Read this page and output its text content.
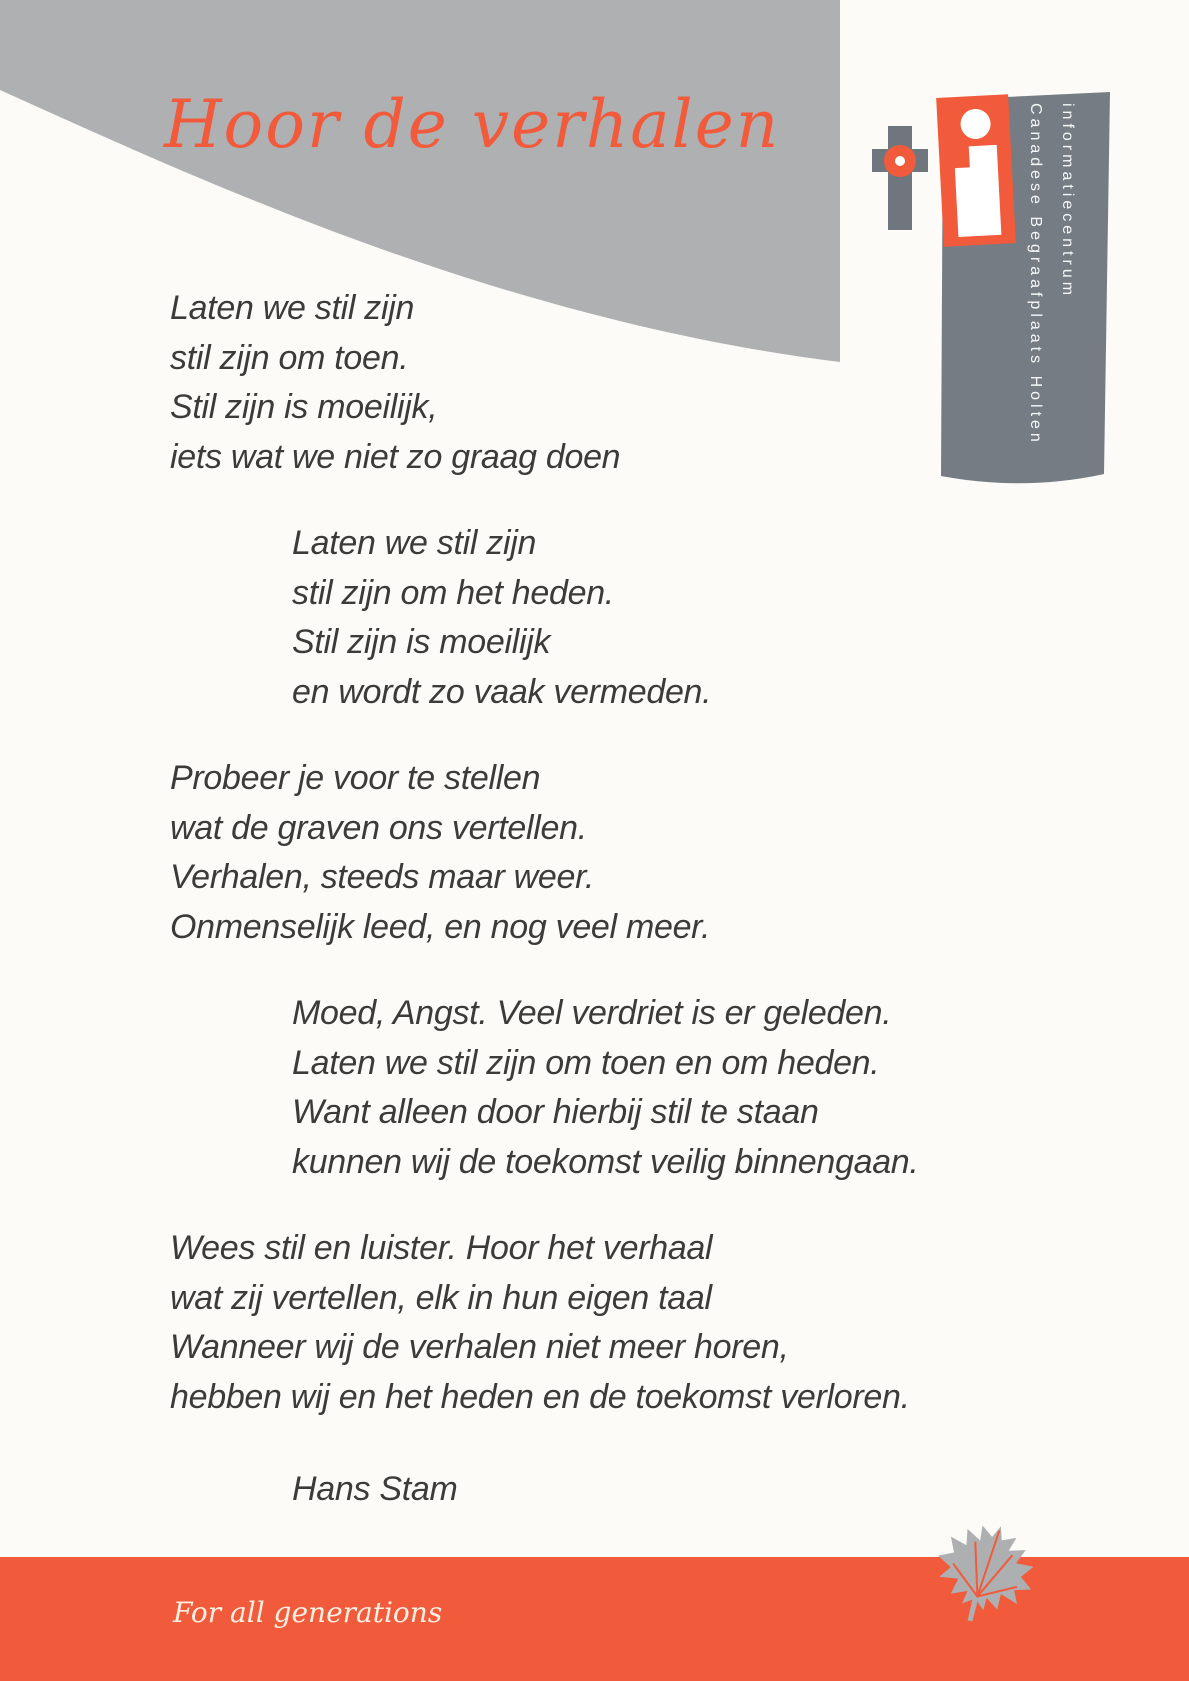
Hoor de verhalen	informatiecentrum
Canadese Begraafplaats Holten
Laten we stil zijn
stil zijn om toen.
Stil zijn is moeilijk,
iets wat we niet zo graag doen
Laten we stil zijn
stil zijn om het heden.
Stil zijn is moeilijk
en wordt zo vaak vermeden.
Probeer je voor te stellen
wat de graven ons vertellen.
Verhalen, steeds maar weer.
Onmenselijk leed, en nog veel meer.
Moed, Angst. Veel verdriet is er geleden.
Laten we stil zijn om toen en om heden.
Want alleen door hierbij stil te staan
kunnen wij de toekomst veilig binnengaan.
Wees stil en luister. Hoor het verhaal
wat zij vertellen, elk in hun eigen taal
Wanneer wij de verhalen niet meer horen,
hebben wij en het heden en de toekomst verloren.
Hans Stam
For all generations
